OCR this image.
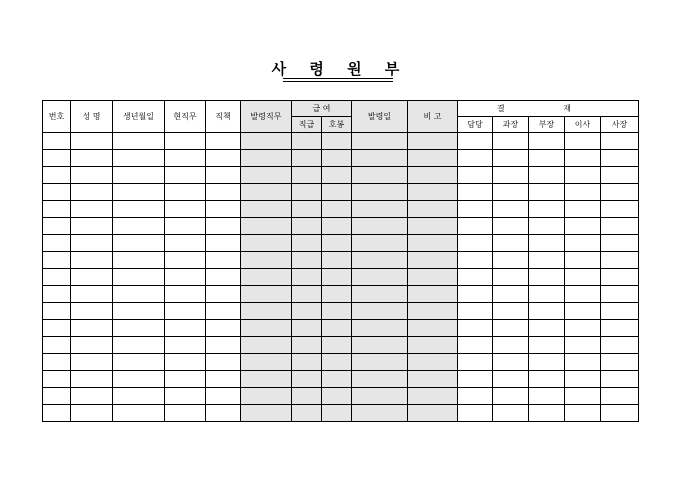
사 령 원 부
번호	성 명	생년월일	현직무	직책	발령직무	급 여		발령일	비 고	결 재				
						직급	호봉			담당	과장	부장	이사	사장
